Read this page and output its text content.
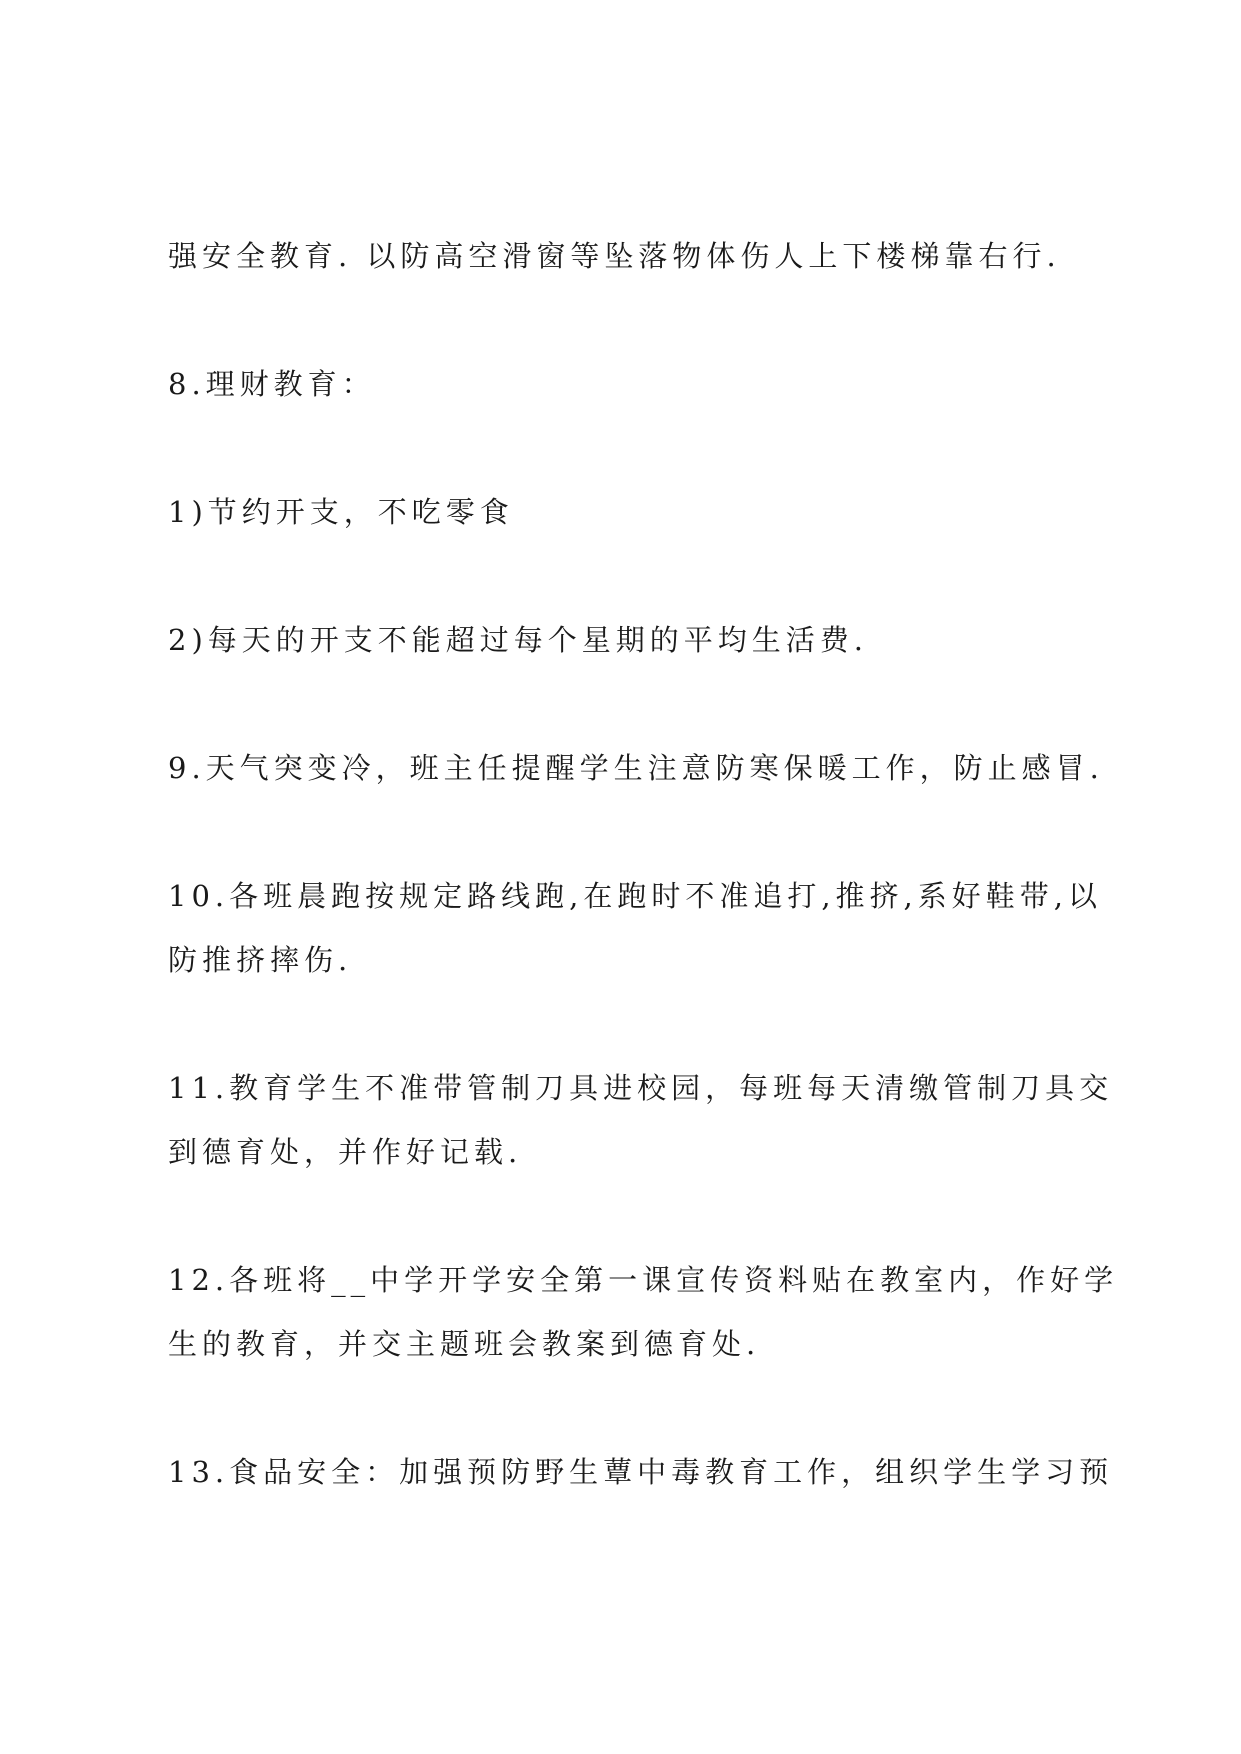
强安全教育. 以防高空滑窗等坠落物体伤人上下楼梯靠右行.
8.理财教育：
1)节约开支，不吃零食
2)每天的开支不能超过每个星期的平均生活费.
9.天气突变冷，班主任提醒学生注意防寒保暖工作，防止感冒.
10.各班晨跑按规定路线跑,在跑时不准追打,推挤,系好鞋带,以
防推挤摔伤.
11.教育学生不准带管制刀具进校园，每班每天清缴管制刀具交
到德育处，并作好记载.
12.各班将__中学开学安全第一课宣传资料贴在教室内，作好学
生的教育，并交主题班会教案到德育处.
13.食品安全：加强预防野生蕈中毒教育工作，组织学生学习预
